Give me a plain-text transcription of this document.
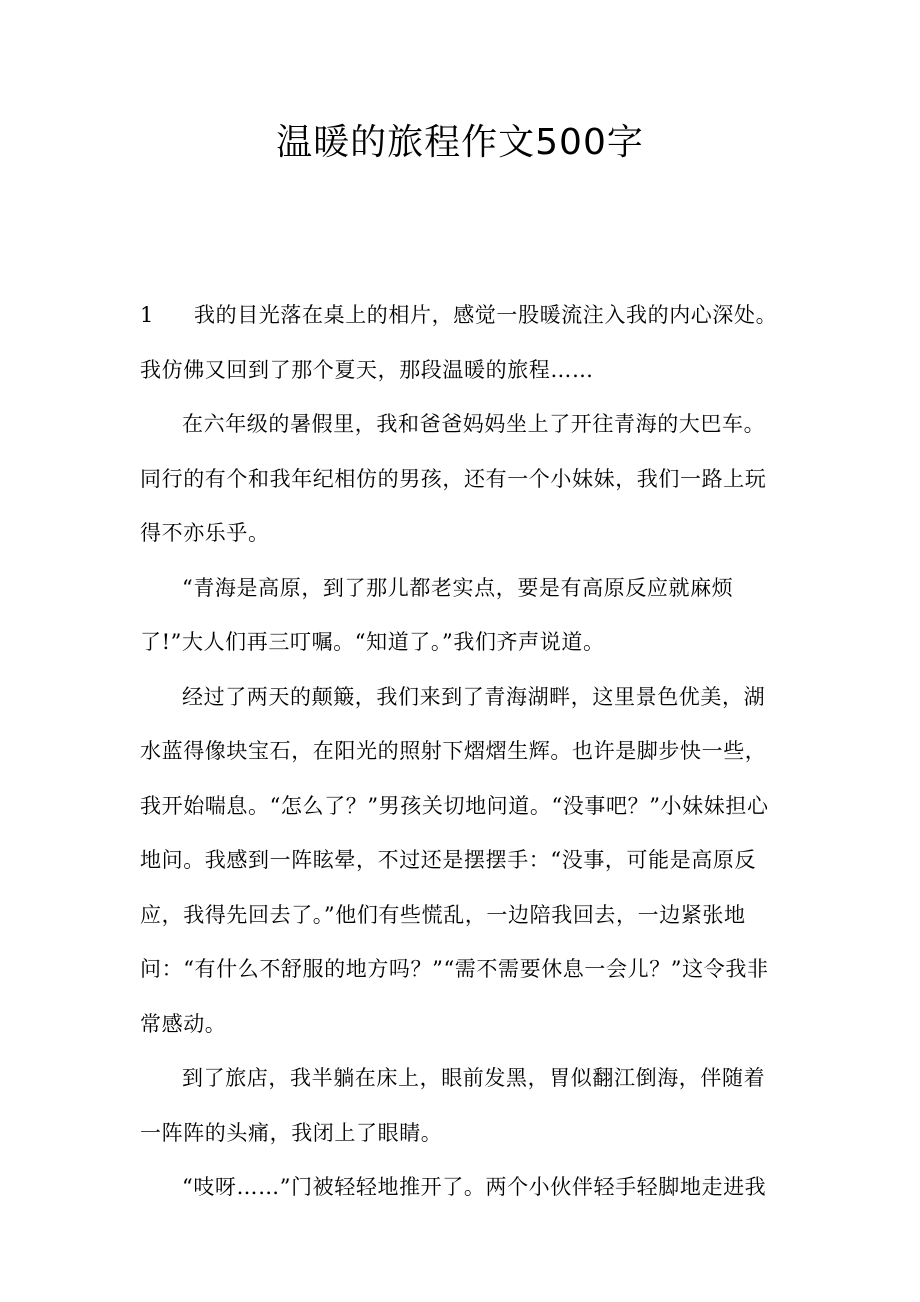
温暖的旅程作文500字

1 我的目光落在桌上的相片，感觉一股暖流注入我的内心深处。我仿佛又回到了那个夏天，那段温暖的旅程……

在六年级的暑假里，我和爸爸妈妈坐上了开往青海的大巴车。同行的有个和我年纪相仿的男孩，还有一个小妹妹，我们一路上玩得不亦乐乎。

“青海是高原，到了那儿都老实点，要是有高原反应就麻烦了!”大人们再三叮嘱。“知道了。”我们齐声说道。

经过了两天的颠簸，我们来到了青海湖畔，这里景色优美，湖水蓝得像块宝石，在阳光的照射下熠熠生辉。也许是脚步快一些，我开始喘息。“怎么了？”男孩关切地问道。“没事吧？”小妹妹担心地问。我感到一阵眩晕，不过还是摆摆手：“没事，可能是高原反应，我得先回去了。”他们有些慌乱，一边陪我回去，一边紧张地问：“有什么不舒服的地方吗？”“需不需要休息一会儿？”这令我非常感动。

到了旅店，我半躺在床上，眼前发黑，胃似翻江倒海，伴随着一阵阵的头痛，我闭上了眼睛。

“吱呀……”门被轻轻地推开了。两个小伙伴轻手轻脚地走进我
